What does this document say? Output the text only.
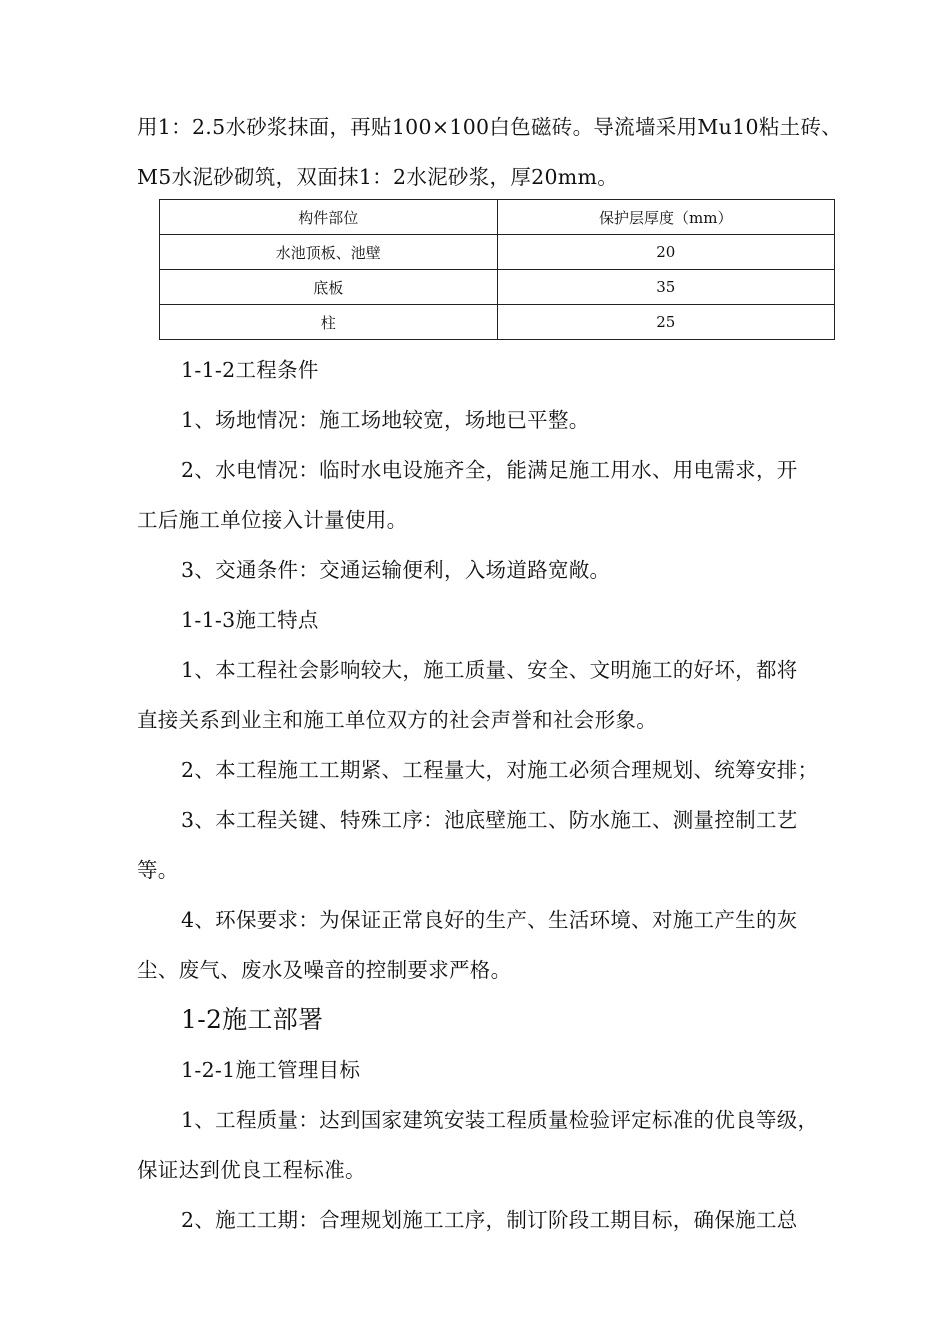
用1：2.5水砂浆抹面，再贴100×100白色磁砖。导流墙采用Mu10粘土砖、

M5水泥砂砌筑，双面抹1：2水泥砂浆，厚20mm。

构件部位	保护层厚度（mm）
水池顶板、池壁	20
底板	35
柱	25

1-1-2工程条件

1、场地情况：施工场地较宽，场地已平整。

2、水电情况：临时水电设施齐全，能满足施工用水、用电需求，开

工后施工单位接入计量使用。

3、交通条件：交通运输便利，入场道路宽敞。

1-1-3施工特点

1、本工程社会影响较大，施工质量、安全、文明施工的好坏，都将

直接关系到业主和施工单位双方的社会声誉和社会形象。

2、本工程施工工期紧、工程量大，对施工必须合理规划、统筹安排；

3、本工程关键、特殊工序：池底壁施工、防水施工、测量控制工艺

等。

4、环保要求：为保证正常良好的生产、生活环境、对施工产生的灰

尘、废气、废水及噪音的控制要求严格。

1-2施工部署

1-2-1施工管理目标

1、工程质量：达到国家建筑安装工程质量检验评定标准的优良等级，

保证达到优良工程标准。

2、施工工期：合理规划施工工序，制订阶段工期目标，确保施工总
